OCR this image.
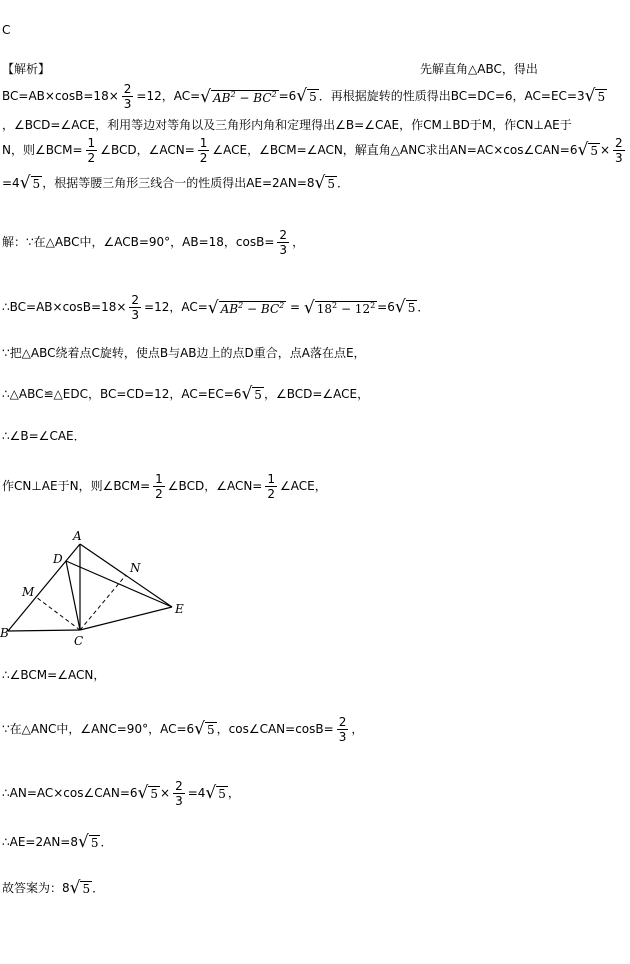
C
【解析】	先解直角△ABC，得出
$BC=AB\times\cos B=18\times \frac{2}{3} =12$，AC=√ $AB^2 - BC^2 =6√$ 5 ．再根据旋转的性质得出BC=DC=6，AC=EC=3√ 5
，∠BCD=∠ACE，利用等边对等角以及三角形内角和定理得出∠B=∠CAE，作CM⊥BD于M，作CN⊥AE于
N，则∠BCM= $\frac{1}{2}$ ∠BCD，∠ACN= $\frac{1}{2}$ ∠ACE，∠BCM=∠ACN，解直角△ANC求出AN=AC×cos∠CAN=6√ $5 \times \frac{2}{3}$
=4√ 5 ，根据等腰三角形三线合一的性质得出AE=2AN=8√ 5 ．
解：∵在△ABC中，∠ACB=90°，AB=18，$\cos B= \frac{2}{3}$ ，
∴BC=AB×cosB=18× $\frac{2}{3} =12$，AC=√ $AB^2 - BC^2$ = √ $18^2 - 12^2 =6√$ 5 ．
∵把△ABC绕着点C旋转，使点B与AB边上的点D重合，点A落在点E，
∴△ABC≌△EDC，BC=CD=12，AC=EC=6√ 5 ，∠BCD=∠ACE，
∴∠B=∠CAE．
作CN⊥AE于N，则∠BCM= $\frac{1}{2}$ ∠BCD，∠ACN= $\frac{1}{2}$ ∠ACE，
A
B
C
D
E
M
N
∴∠BCM=∠ACN，
∵在△ANC中，∠ANC=90°，AC=6√ 5 ，cos∠CAN=cosB= $\frac{2}{3}$ ，
∴AN=AC×cos∠CAN=6√ $5 \times \frac{2}{3} =4√$ 5 ，
∴AE=2AN=8√ 5 ．
故答案为：8√ 5 ．
